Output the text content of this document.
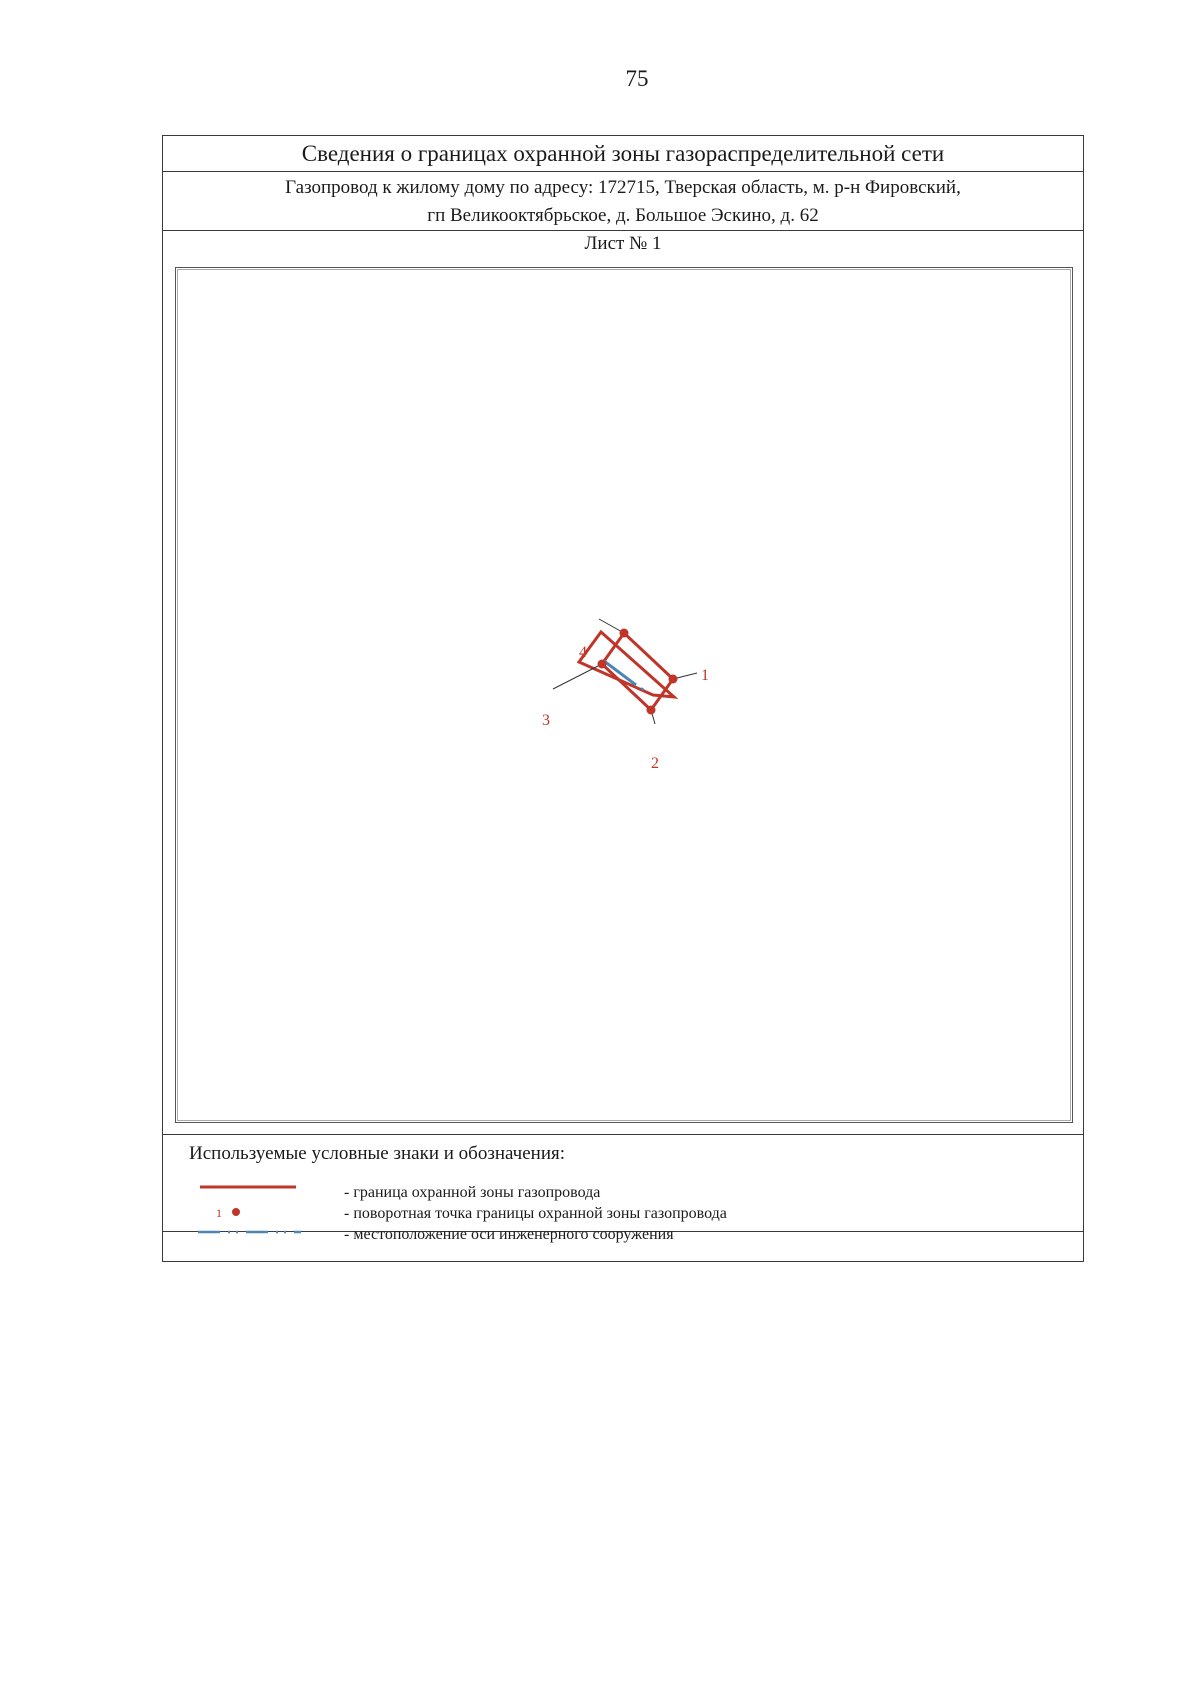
75
Сведения о границах охранной зоны газораспределительной сети
Газопровод к жилому дому по адресу: 172715, Тверская область, м. р-н Фировский,
гп Великооктябрьское, д. Большое Эскино, д. 62
Лист № 1
1
2
3
4
Используемые условные знаки и обозначения:
- граница охранной зоны газопровода
1	- поворотная точка границы охранной зоны газопровода
- местоположение оси инженерного сооружения
